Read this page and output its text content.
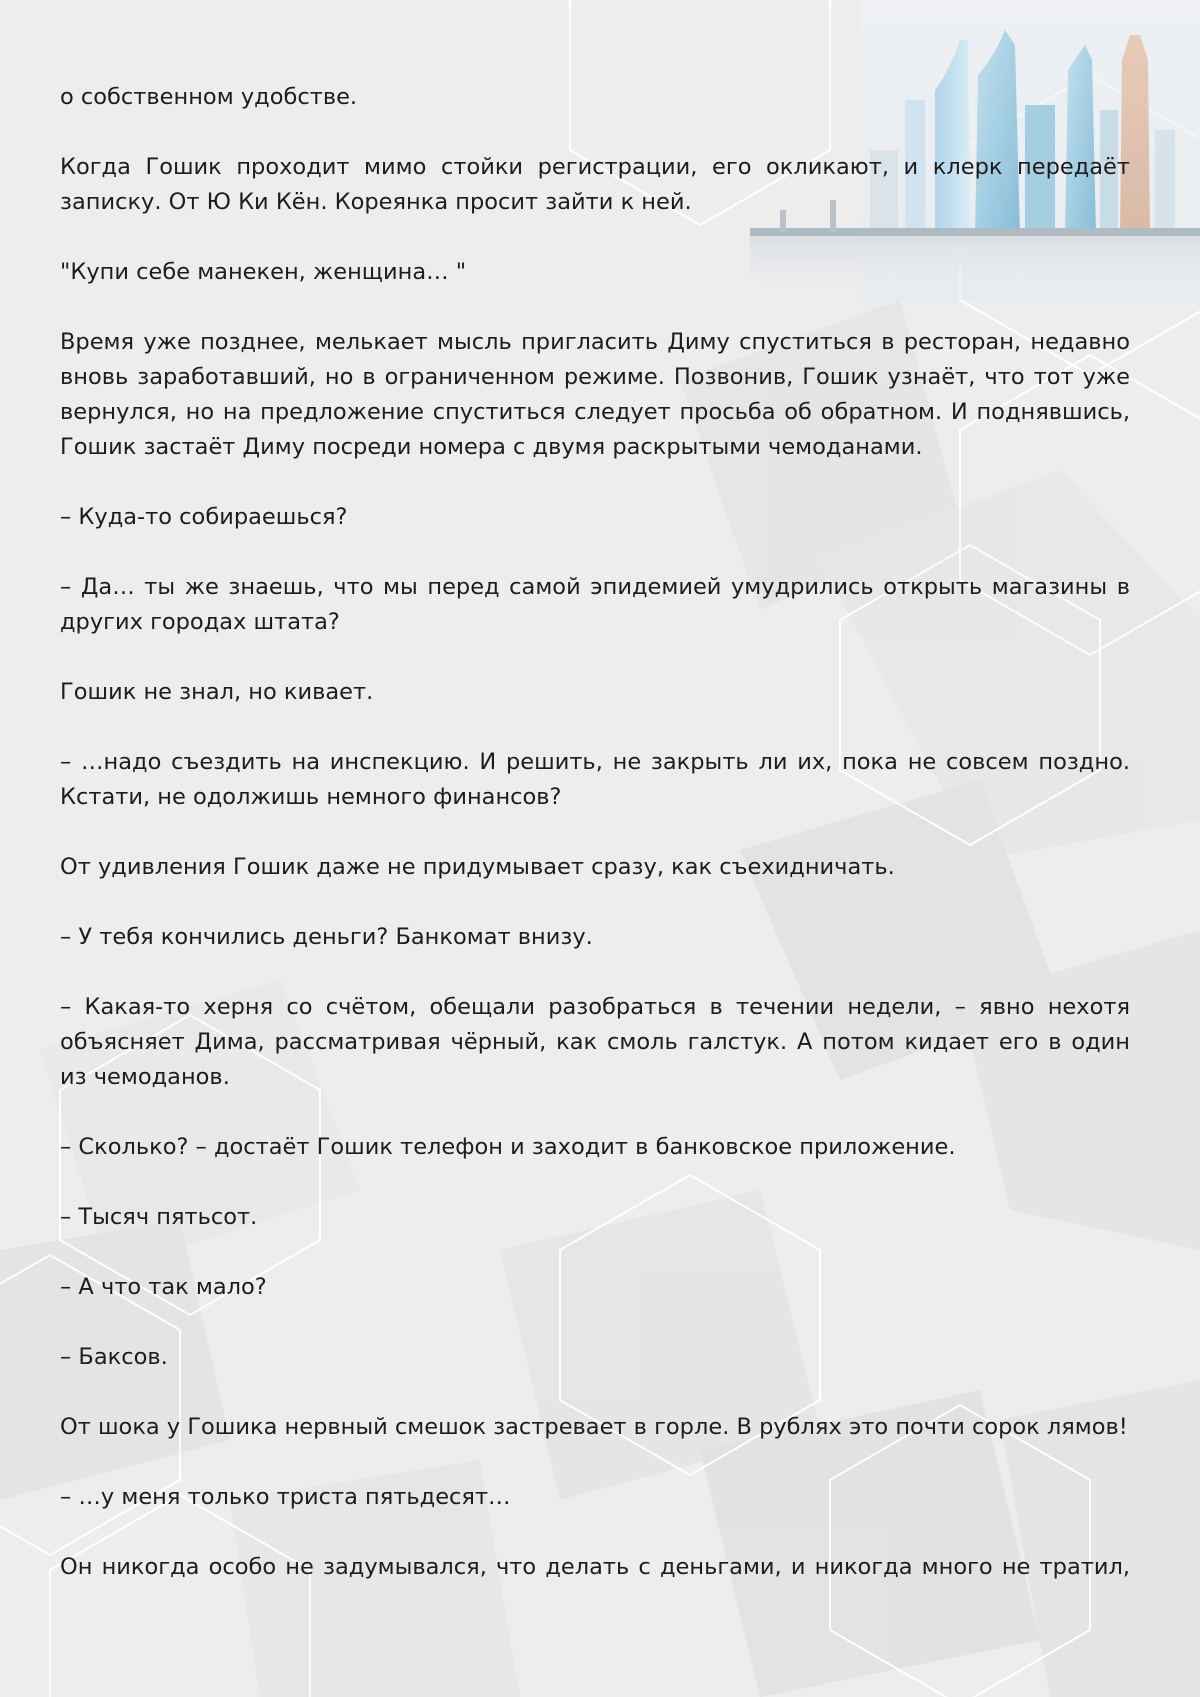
о собственном удобстве.

Когда Гошик проходит мимо стойки регистрации, его окликают, и клерк передаёт записку. От Ю Ки Кён. Кореянка просит зайти к ней.

"Купи себе манекен, женщина… "

Время уже позднее, мелькает мысль пригласить Диму спуститься в ресторан, недавно вновь заработавший, но в ограниченном режиме. Позвонив, Гошик узнаёт, что тот уже вернулся, но на предложение спуститься следует просьба об обратном. И поднявшись, Гошик застаёт Диму посреди номера с двумя раскрытыми чемоданами.

– Куда-то собираешься?

– Да… ты же знаешь, что мы перед самой эпидемией умудрились открыть магазины в других городах штата?

Гошик не знал, но кивает.

– …надо съездить на инспекцию. И решить, не закрыть ли их, пока не совсем поздно. Кстати, не одолжишь немного финансов?

От удивления Гошик даже не придумывает сразу, как съехидничать.

– У тебя кончились деньги? Банкомат внизу.

– Какая-то херня со счётом, обещали разобраться в течении недели, – явно нехотя объясняет Дима, рассматривая чёрный, как смоль галстук. А потом кидает его в один из чемоданов.

– Сколько? – достаёт Гошик телефон и заходит в банковское приложение.

– Тысяч пятьсот.

– А что так мало?

– Баксов.

От шока у Гошика нервный смешок застревает в горле. В рублях это почти сорок лямов!

– …у меня только триста пятьдесят…

Он никогда особо не задумывался, что делать с деньгами, и никогда много не тратил,
